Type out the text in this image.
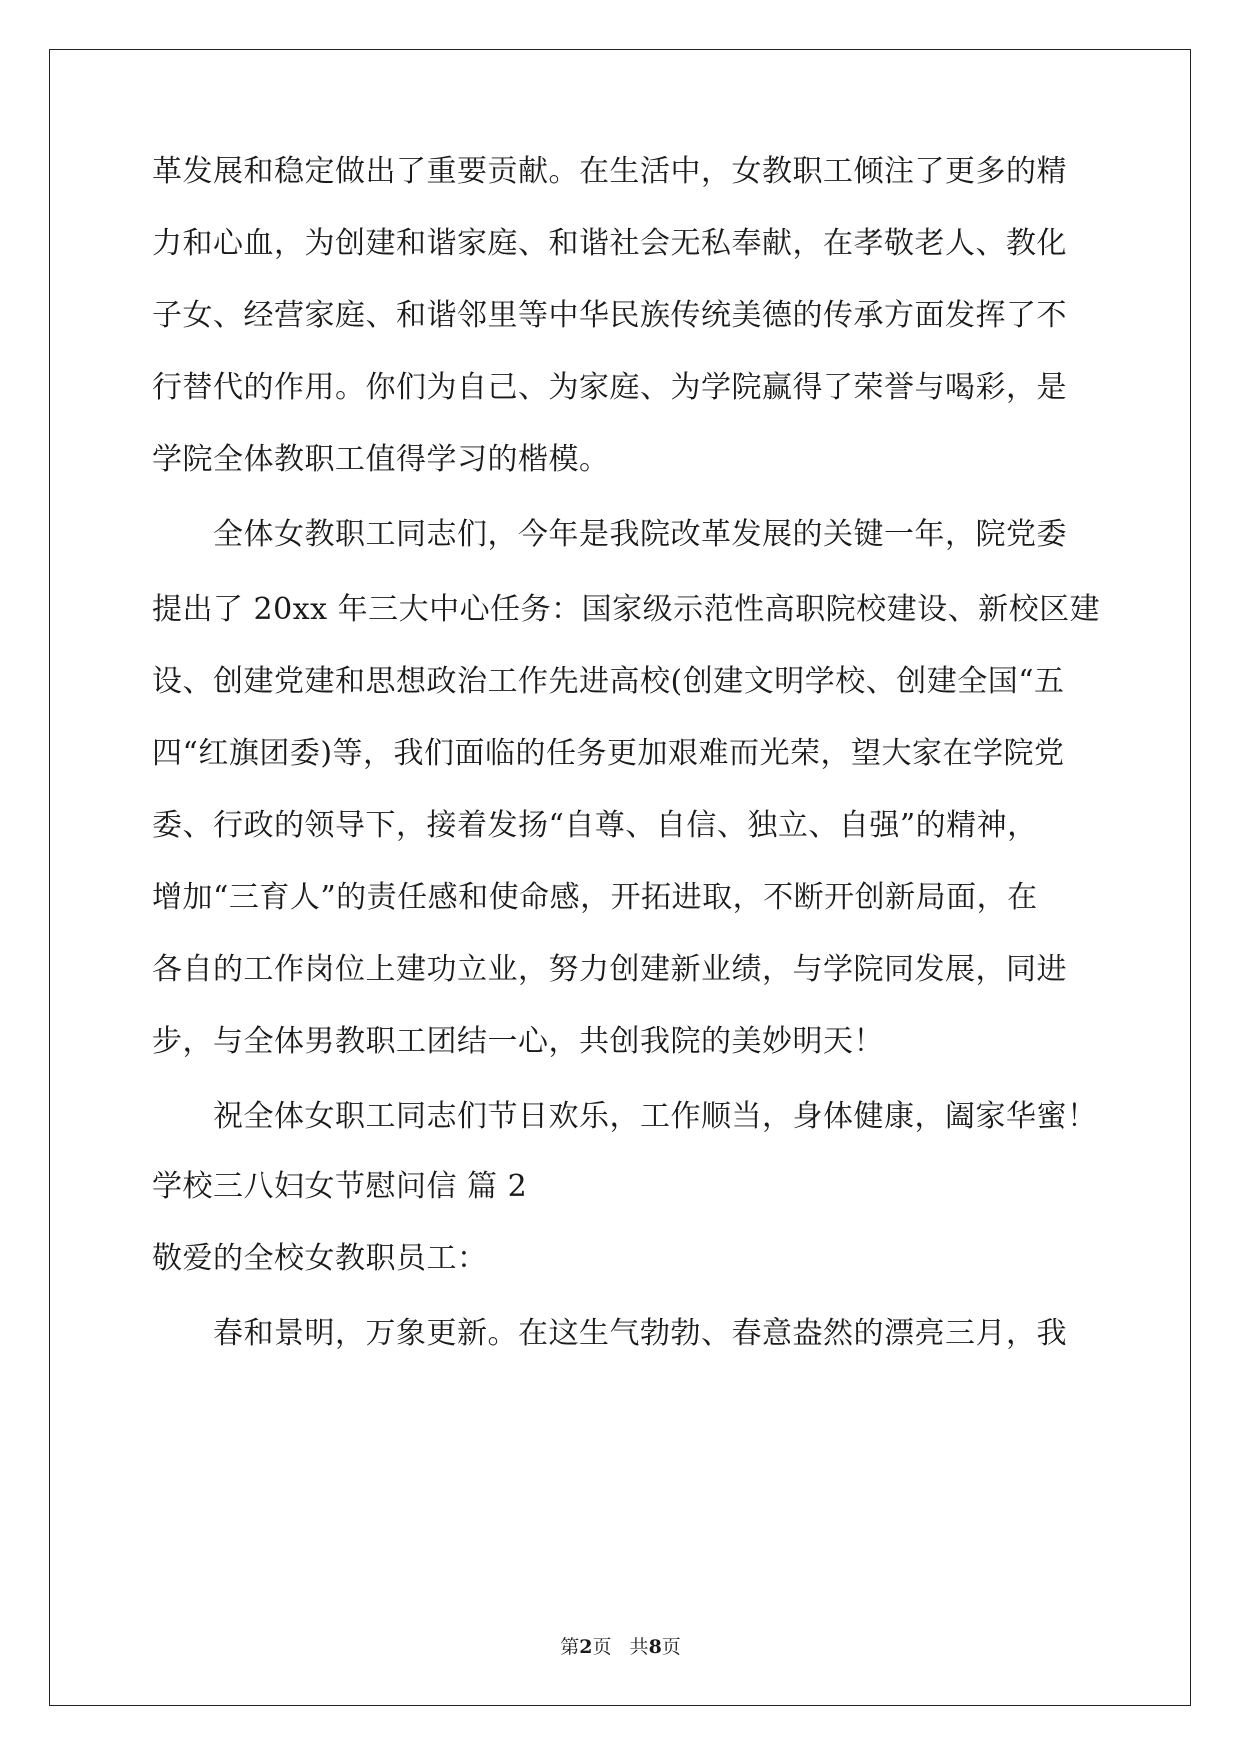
革发展和稳定做出了重要贡献。在生活中，女教职工倾注了更多的精
力和心血，为创建和谐家庭、和谐社会无私奉献，在孝敬老人、教化
子女、经营家庭、和谐邻里等中华民族传统美德的传承方面发挥了不
行替代的作用。你们为自己、为家庭、为学院赢得了荣誉与喝彩，是
学院全体教职工值得学习的楷模。
全体女教职工同志们，今年是我院改革发展的关键一年，院党委
提出了 20xx 年三大中心任务：国家级示范性高职院校建设、新校区建
设、创建党建和思想政治工作先进高校(创建文明学校、创建全国“五
四“红旗团委)等，我们面临的任务更加艰难而光荣，望大家在学院党
委、行政的领导下，接着发扬“自尊、自信、独立、自强”的精神，
增加“三育人”的责任感和使命感，开拓进取，不断开创新局面，在
各自的工作岗位上建功立业，努力创建新业绩，与学院同发展，同进
步，与全体男教职工团结一心，共创我院的美妙明天！
祝全体女职工同志们节日欢乐，工作顺当，身体健康，阖家华蜜！
学校三八妇女节慰问信 篇 2
敬爱的全校女教职员工：
春和景明，万象更新。在这生气勃勃、春意盎然的漂亮三月，我
第2页   共8页
